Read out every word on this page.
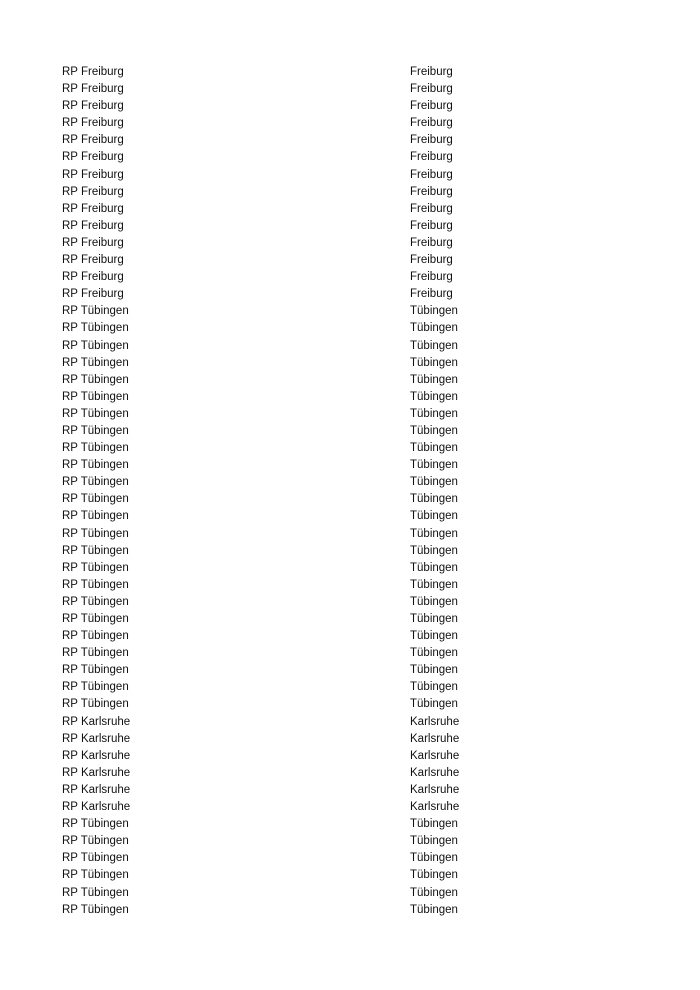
RP Freiburg	Freiburg
RP Freiburg	Freiburg
RP Freiburg	Freiburg
RP Freiburg	Freiburg
RP Freiburg	Freiburg
RP Freiburg	Freiburg
RP Freiburg	Freiburg
RP Freiburg	Freiburg
RP Freiburg	Freiburg
RP Freiburg	Freiburg
RP Freiburg	Freiburg
RP Freiburg	Freiburg
RP Freiburg	Freiburg
RP Freiburg	Freiburg
RP Tübingen	Tübingen
RP Tübingen	Tübingen
RP Tübingen	Tübingen
RP Tübingen	Tübingen
RP Tübingen	Tübingen
RP Tübingen	Tübingen
RP Tübingen	Tübingen
RP Tübingen	Tübingen
RP Tübingen	Tübingen
RP Tübingen	Tübingen
RP Tübingen	Tübingen
RP Tübingen	Tübingen
RP Tübingen	Tübingen
RP Tübingen	Tübingen
RP Tübingen	Tübingen
RP Tübingen	Tübingen
RP Tübingen	Tübingen
RP Tübingen	Tübingen
RP Tübingen	Tübingen
RP Tübingen	Tübingen
RP Tübingen	Tübingen
RP Tübingen	Tübingen
RP Tübingen	Tübingen
RP Tübingen	Tübingen
RP Karlsruhe	Karlsruhe
RP Karlsruhe	Karlsruhe
RP Karlsruhe	Karlsruhe
RP Karlsruhe	Karlsruhe
RP Karlsruhe	Karlsruhe
RP Karlsruhe	Karlsruhe
RP Tübingen	Tübingen
RP Tübingen	Tübingen
RP Tübingen	Tübingen
RP Tübingen	Tübingen
RP Tübingen	Tübingen
RP Tübingen	Tübingen
